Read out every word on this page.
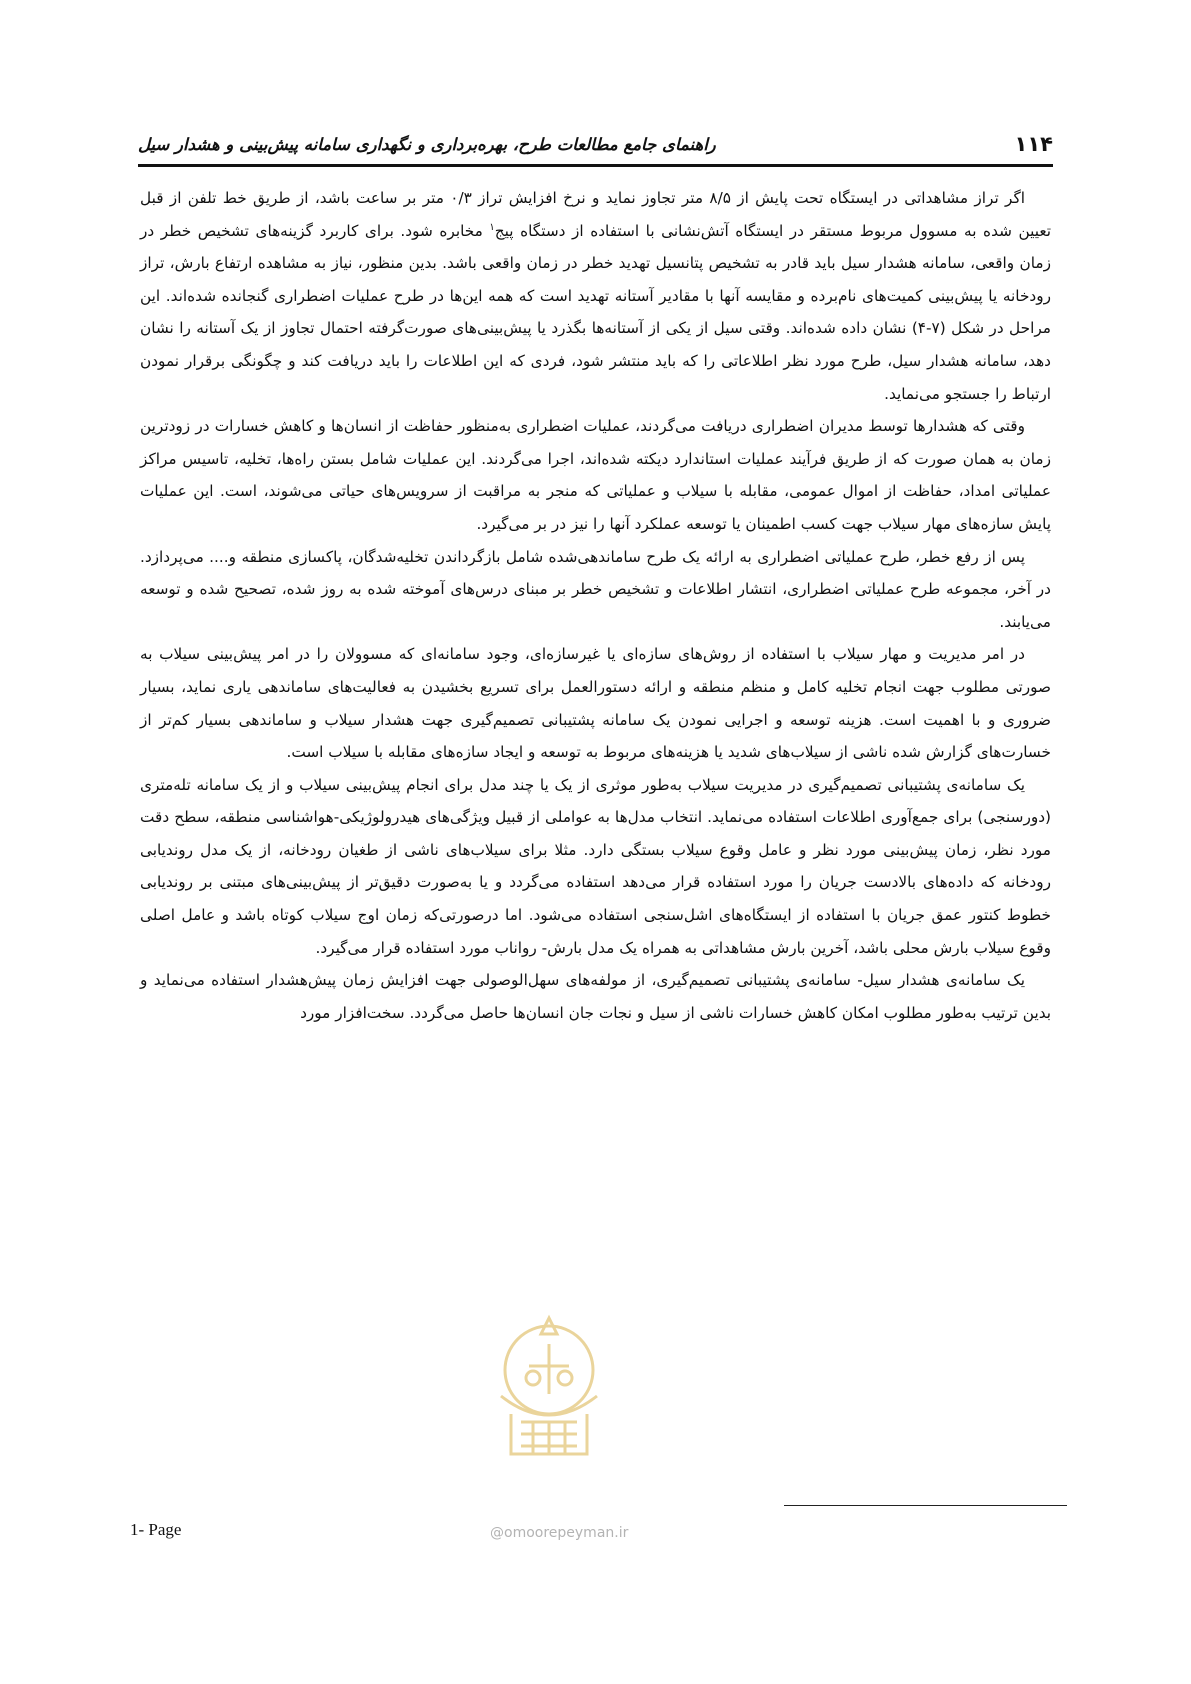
۱۱۴
راهنمای جامع مطالعات طرح، بهره‌برداری و نگهداری سامانه پیش‌بینی و هشدار سیل

اگر تراز مشاهداتی در ایستگاه تحت پایش از ۸/۵ متر تجاوز نماید و نرخ افزایش تراز ۰/۳ متر بر ساعت باشد، از طریق خط تلفن از قبل تعیین شده به مسوول مربوط مستقر در ایستگاه آتش‌نشانی با استفاده از دستگاه پیج$^۱$ مخابره شود. برای کاربرد گزینه‌های تشخیص خطر در زمان واقعی، سامانه هشدار سیل باید قادر به تشخیص پتانسیل تهدید خطر در زمان واقعی باشد. بدین منظور، نیاز به مشاهده ارتفاع بارش، تراز رودخانه یا پیش‌بینی کمیت‌های نام‌برده و مقایسه آنها با مقادیر آستانه تهدید است که همه این‌ها در طرح عملیات اضطراری گنجانده شده‌اند. این مراحل در شکل (۷-۴) نشان داده شده‌اند. وقتی سیل از یکی از آستانه‌ها بگذرد یا پیش‌بینی‌های صورت‌گرفته احتمال تجاوز از یک آستانه را نشان دهد، سامانه هشدار سیل، طرح مورد نظر اطلاعاتی را که باید منتشر شود، فردی که این اطلاعات را باید دریافت کند و چگونگی برقرار نمودن ارتباط را جستجو می‌نماید.

وقتی که هشدارها توسط مدیران اضطراری دریافت می‌گردند، عملیات اضطراری به‌منظور حفاظت از انسان‌ها و کاهش خسارات در زودترین زمان به همان صورت که از طریق فرآیند عملیات استاندارد دیکته شده‌اند، اجرا می‌گردند. این عملیات شامل بستن راه‌ها، تخلیه، تاسیس مراکز عملیاتی امداد، حفاظت از اموال عمومی، مقابله با سیلاب و عملیاتی که منجر به مراقبت از سرویس‌های حیاتی می‌شوند، است. این عملیات پایش سازه‌های مهار سیلاب جهت کسب اطمینان یا توسعه عملکرد آنها را نیز در بر می‌گیرد.

پس از رفع خطر، طرح عملیاتی اضطراری به ارائه یک طرح ساماندهی‌شده شامل بازگرداندن تخلیه‌شدگان، پاکسازی منطقه و.... می‌پردازد. در آخر، مجموعه طرح عملیاتی اضطراری، انتشار اطلاعات و تشخیص خطر بر مبنای درس‌های آموخته شده به روز شده، تصحیح شده و توسعه می‌یابند.

در امر مدیریت و مهار سیلاب با استفاده از روش‌های سازه‌ای یا غیرسازه‌ای، وجود سامانه‌ای که مسوولان را در امر پیش‌بینی سیلاب به صورتی مطلوب جهت انجام تخلیه کامل و منظم منطقه و ارائه دستورالعمل برای تسریع بخشیدن به فعالیت‌های ساماندهی یاری نماید، بسیار ضروری و با اهمیت است. هزینه توسعه و اجرایی نمودن یک سامانه پشتیبانی تصمیم‌گیری جهت هشدار سیلاب و ساماندهی بسیار کم‌تر از خسارت‌های گزارش شده ناشی از سیلاب‌های شدید یا هزینه‌های مربوط به توسعه و ایجاد سازه‌های مقابله با سیلاب است.

یک سامانه‌ی پشتیبانی تصمیم‌گیری در مدیریت سیلاب به‌طور موثری از یک یا چند مدل برای انجام پیش‌بینی سیلاب و از یک سامانه تله‌متری (دورسنجی) برای جمع‌آوری اطلاعات استفاده می‌نماید. انتخاب مدل‌ها به عواملی از قبیل ویژگی‌های هیدرولوژیکی-هواشناسی منطقه، سطح دقت مورد نظر، زمان پیش‌بینی مورد نظر و عامل وقوع سیلاب بستگی دارد. مثلا برای سیلاب‌های ناشی از طغیان رودخانه، از یک مدل روندیابی رودخانه که داده‌های بالادست جریان را مورد استفاده قرار می‌دهد استفاده می‌گردد و یا به‌صورت دقیق‌تر از پیش‌بینی‌های مبتنی بر روندیابی خطوط کنتور عمق جریان با استفاده از ایستگاه‌های اشل‌سنجی استفاده می‌شود. اما درصورتی‌که زمان اوج سیلاب کوتاه باشد و عامل اصلی وقوع سیلاب بارش محلی باشد، آخرین بارش مشاهداتی به همراه یک مدل بارش- رواناب مورد استفاده قرار می‌گیرد.

یک سامانه‌ی هشدار سیل- سامانه‌ی پشتیبانی تصمیم‌گیری، از مولفه‌های سهل‌الوصولی جهت افزایش زمان پیش‌هشدار استفاده می‌نماید و بدین ترتیب به‌طور مطلوب امکان کاهش خسارات ناشی از سیل و نجات جان انسان‌ها حاصل می‌گردد. سخت‌افزار مورد

@omoorepeyman.ir
1- Page
